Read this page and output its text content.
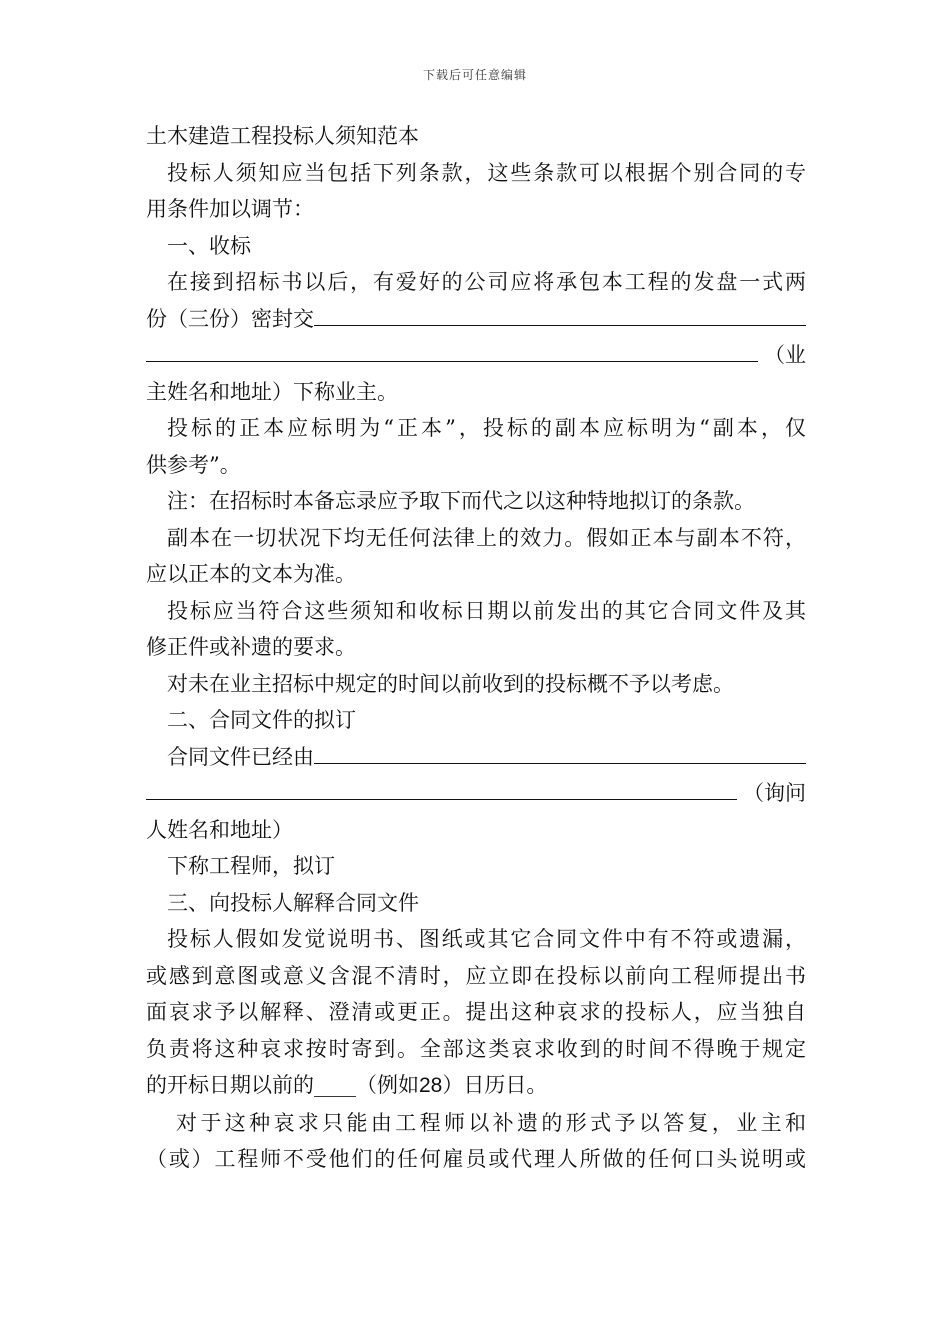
下载后可任意编辑

土木建造工程投标人须知范本

投标人须知应当包括下列条款，这些条款可以根据个别合同的专

用条件加以调节：

一、收标

在接到招标书以后，有爱好的公司应将承包本工程的发盘一式两

份（三份）密封交
（业

主姓名和地址）下称业主。

投标的正本应标明为“正本”，投标的副本应标明为“副本，仅

供参考”。

注：在招标时本备忘录应予取下而代之以这种特地拟订的条款。

副本在一切状况下均无任何法律上的效力。假如正本与副本不符，

应以正本的文本为准。

投标应当符合这些须知和收标日期以前发出的其它合同文件及其

修正件或补遗的要求。

对未在业主招标中规定的时间以前收到的投标概不予以考虑。

二、合同文件的拟订

合同文件已经由
（询问

人姓名和地址）

下称工程师，拟订

三、向投标人解释合同文件

投标人假如发觉说明书、图纸或其它合同文件中有不符或遗漏，

或感到意图或意义含混不清时，应立即在投标以前向工程师提出书

面哀求予以解释、澄清或更正。提出这种哀求的投标人，应当独自

负责将这种哀求按时寄到。全部这类哀求收到的时间不得晚于规定

的开标日期以前的____（例如28）日历日。

对于这种哀求只能由工程师以补遗的形式予以答复，业主和

（或）工程师不受他们的任何雇员或代理人所做的任何口头说明或
